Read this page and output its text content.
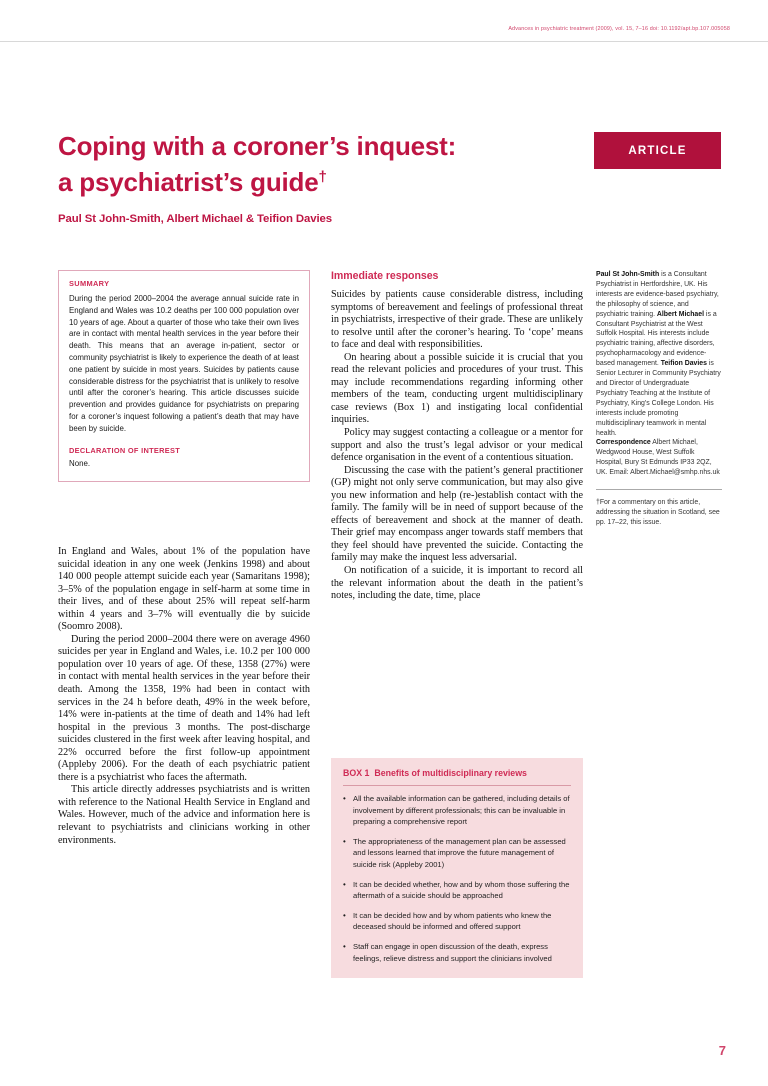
Advances in psychiatric treatment (2009), vol. 15, 7–16 doi: 10.1192/apt.bp.107.005058
Coping with a coroner’s inquest:
a psychiatrist’s guide†
Paul St John-Smith, Albert Michael & Teifion Davies
ARTICLE
SUMMARY

During the period 2000–2004 the average annual suicide rate in England and Wales was 10.2 deaths per 100 000 population over 10 years of age. About a quarter of those who take their own lives are in contact with mental health services in the year before their death. This means that an average in-patient, sector or community psychiatrist is likely to experience the death of at least one patient by suicide in most years. Suicides by patients cause considerable distress for the psychiatrist that is unlikely to resolve until after the coroner’s hearing. This article discusses suicide prevention and provides guidance for psychiatrists on preparing for a coroner’s inquest following a patient’s death that may have been by suicide.

DECLARATION OF INTEREST
None.

In England and Wales, about 1% of the population have suicidal ideation in any one week (Jenkins 1998) and about 140 000 people attempt suicide each year (Samaritans 1998); 3–5% of the population engage in self-harm at some time in their lives, and of these about 25% will repeat self-harm within 4 years and 3–7% will eventually die by suicide (Soomro 2008).

During the period 2000–2004 there were on average 4960 suicides per year in England and Wales, i.e. 10.2 per 100 000 population over 10 years of age. Of these, 1358 (27%) were in contact with mental health services in the year before their death. Among the 1358, 19% had been in contact with services in the 24 h before death, 49% in the week before, 14% were in-patients at the time of death and 14% had left hospital in the previous 3 months. The post-discharge suicides clustered in the first week after leaving hospital, and 22% occurred before the first follow-up appointment (Appleby 2006). For the death of each psychiatric patient there is a psychiatrist who faces the aftermath.

This article directly addresses psychiatrists and is written with reference to the National Health Service in England and Wales. However, much of the advice and information here is relevant to psychiatrists and clinicians working in other environments.

Immediate responses

Suicides by patients cause considerable distress, including symptoms of bereavement and feelings of professional threat in psychiatrists, irrespective of their grade. These are unlikely to resolve until after the coroner’s hearing. To ‘cope’ means to face and deal with responsibilities.

On hearing about a possible suicide it is crucial that you read the relevant policies and procedures of your trust. This may include recommendations regarding informing other members of the team, conducting urgent multidisciplinary case reviews (Box 1) and instigating local confidential inquiries.

Policy may suggest contacting a colleague or a mentor for support and also the trust’s legal advisor or your medical defence organisation in the event of a contentious situation.

Discussing the case with the patient’s general practitioner (GP) might not only serve communication, but may also give you new information and help (re-)establish contact with the family. The family will be in need of support because of the effects of bereavement and shock at the manner of death. Their grief may encompass anger towards staff members that they feel should have prevented the suicide. Contacting the family may make the inquest less adversarial.

On notification of a suicide, it is important to record all the relevant information about the death in the patient’s notes, including the date, time, place

BOX 1 Benefits of multidisciplinary reviews
• All the available information can be gathered, including details of involvement by different professionals; this can be invaluable in preparing a comprehensive report
• The appropriateness of the management plan can be assessed and lessons learned that improve the future management of suicide risk (Appleby 2001)
• It can be decided whether, how and by whom those suffering the aftermath of a suicide should be approached
• It can be decided how and by whom patients who knew the deceased should be informed and offered support
• Staff can engage in open discussion of the death, express feelings, relieve distress and support the clinicians involved

Paul St John-Smith is a Consultant Psychiatrist in Hertfordshire, UK. His interests are evidence-based psychiatry, the philosophy of science, and psychiatric training. Albert Michael is a Consultant Psychiatrist at the West Suffolk Hospital. His interests include psychiatric training, affective disorders, psychopharmacology and evidence-based management. Teifion Davies is Senior Lecturer in Community Psychiatry and Director of Undergraduate Psychiatry Teaching at the Institute of Psychiatry, King’s College London. His interests include promoting multidisciplinary teamwork in mental health.

Correspondence Albert Michael, Wedgwood House, West Suffolk Hospital, Bury St Edmunds IP33 2QZ, UK. Email: Albert.Michael@smhp.nhs.uk

†For a commentary on this article, addressing the situation in Scotland, see pp. 17–22, this issue.

7
